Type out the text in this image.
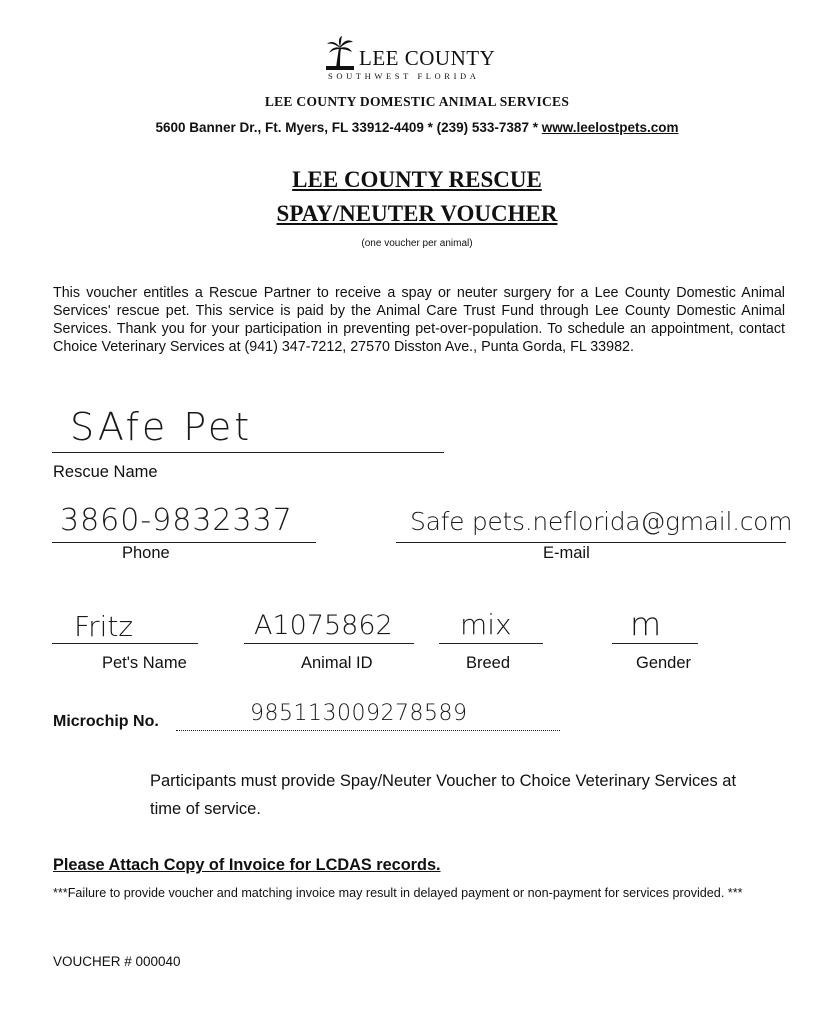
LEE COUNTY
SOUTHWEST FLORIDA
LEE COUNTY DOMESTIC ANIMAL SERVICES
5600 Banner Dr., Ft. Myers, FL 33912-4409 * (239) 533-7387 * www.leelostpets.com
LEE COUNTY RESCUE
SPAY/NEUTER VOUCHER
(one voucher per animal)
This voucher entitles a Rescue Partner to receive a spay or neuter surgery for a Lee County Domestic Animal Services' rescue pet. This service is paid by the Animal Care Trust Fund through Lee County Domestic Animal Services. Thank you for your participation in preventing pet-over-population. To schedule an appointment, contact Choice Veterinary Services at (941) 347-7212, 27570 Disston Ave., Punta Gorda, FL 33982.
SAfe Pet
Rescue Name
3860-9832337
Phone
Safe pets.neflorida@gmail.com
E-mail
Fritz
Pet's Name
A1075862
Animal ID
mix
Breed
m
Gender
Microchip No.	985113009278589
Participants must provide Spay/Neuter Voucher to Choice Veterinary Services at time of service.
Please Attach Copy of Invoice for LCDAS records.
***Failure to provide voucher and matching invoice may result in delayed payment or non-payment for services provided. ***
VOUCHER # 000040
